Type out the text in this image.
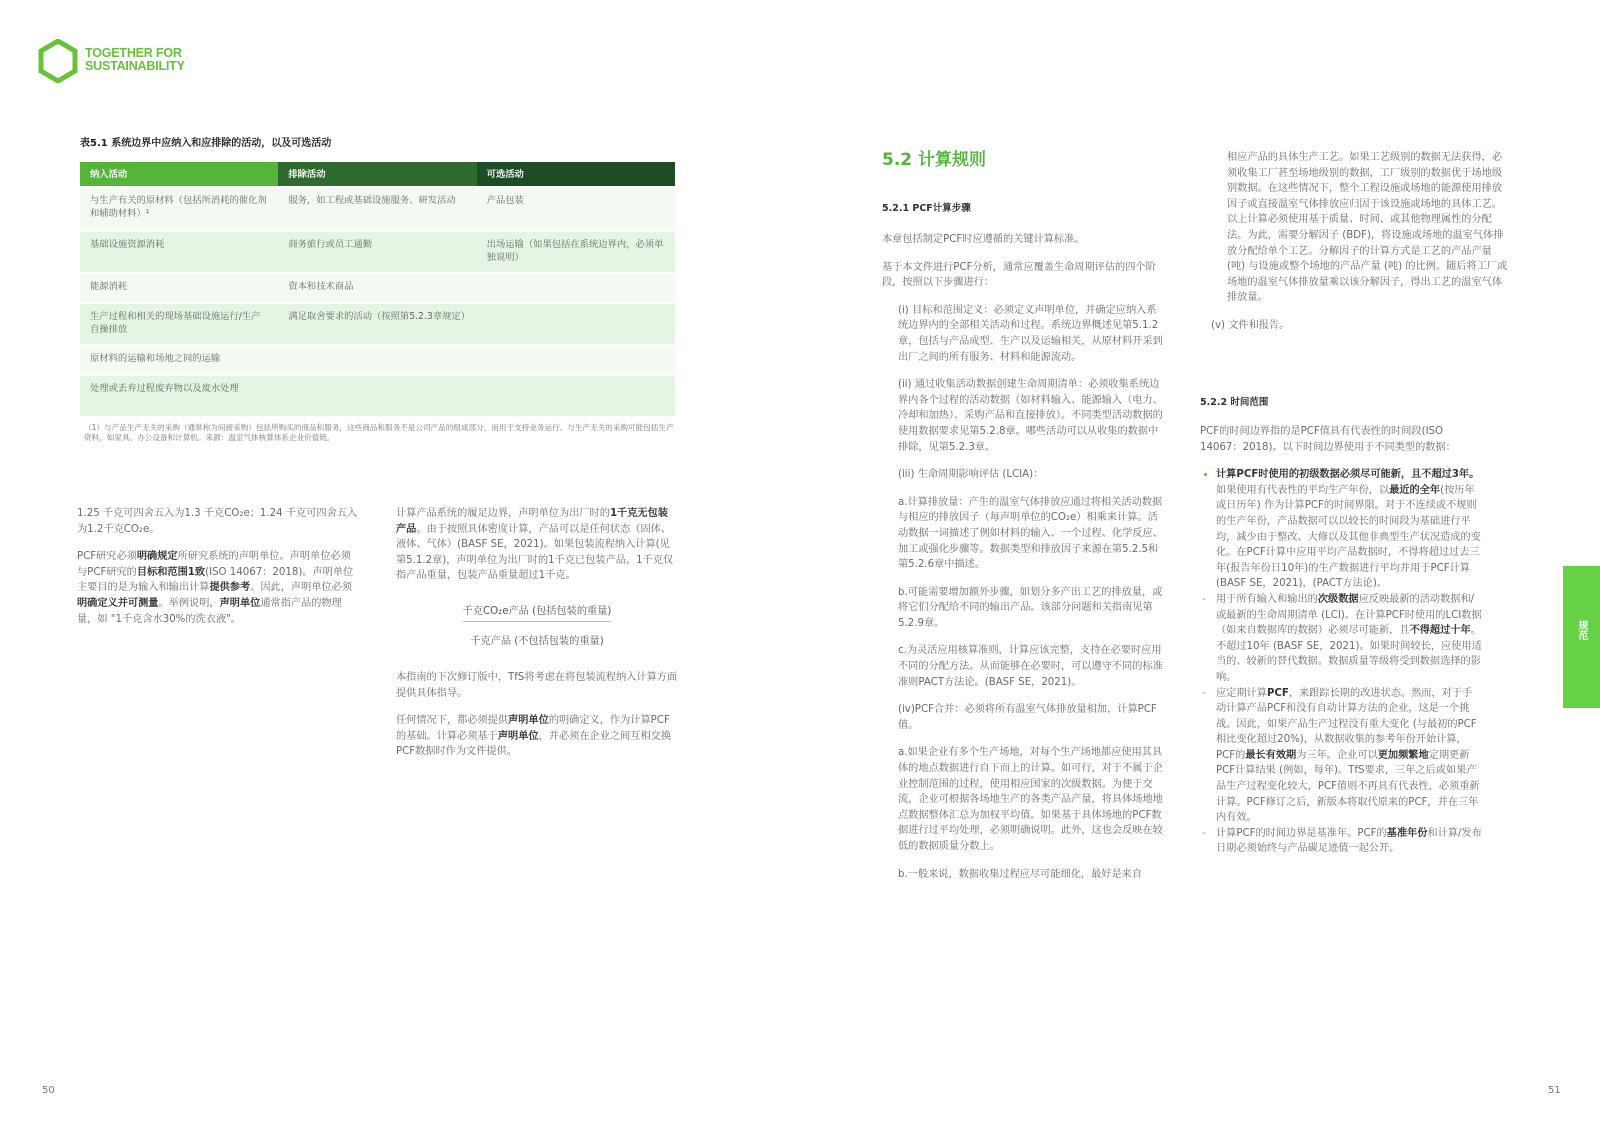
TOGETHER FOR
SUSTAINABILITY
表5.1 系统边界中应纳入和应排除的活动，以及可选活动
纳入活动	排除活动	可选活动
与生产有关的原材料（包括所消耗的催化剂和辅助材料）¹	服务，如工程或基础设施服务、研发活动	产品包装
基础设施资源消耗	商务旅行或员工通勤	出场运输（如果包括在系统边界内，必须单独说明）
能源消耗	资本和技术商品	
生产过程和相关的现场基础设施运行/生产自操排放	满足取舍要求的活动（按照第5.2.3章规定）	
原材料的运输和场地之间的运输		
处理或丢弃过程废弃物以及废水处理		
（1）与产品生产无关的采购（通常称为间接采购）包括所购买的商品和服务，这些商品和服务不是公司产品的组成部分，而用于支持业务运行。与生产无关的采购可能包括生产资料，如家具、办公设备和计算机。来源：温室气体核算体系企业价值链。

1.25 千克可四舍五入为1.3 千克CO₂e；1.24 千克可四舍五入为1.2千克CO₂e。

PCF研究必须明确规定所研究系统的声明单位。声明单位必须与PCF研究的目标和范围1致(ISO 14067：2018)。声明单位主要目的是为输入和输出计算提供参考。因此，声明单位必须明确定义并可测量。举例说明，声明单位通常指产品的物理量，如 "1千克含水30%的洗衣液"。

计算产品系统的履足边界，声明单位为出厂时的1千克无包装产品。由于按照具体密度计算，产品可以是任何状态（固体、液体、气体）(BASF SE，2021)。如果包装流程纳入计算(见第5.1.2章)，声明单位为出厂时的1千克已包装产品。1千克仅指产品重量，包装产品重量超过1千克。

千克CO₂e产品 (包括包装的重量)
千克产品 (不包括包装的重量)

本指南的下次修订版中，TfS将考虑在将包装流程纳入计算方面提供具体指导。

任何情况下，都必须提供声明单位的明确定义，作为计算PCF的基础。计算必须基于声明单位，并必须在企业之间互相交换PCF数据时作为文件提供。

5.2 计算规则
5.2.1 PCF计算步骤

本章包括制定PCF时应遵循的关键计算标准。

基于本文件进行PCF分析，通常应覆盖生命周期评估的四个阶段，按照以下步骤进行：

(i) 目标和范围定义：必须定义声明单位，并确定应纳入系统边界内的全部相关活动和过程。系统边界概述见第5.1.2章，包括与产品成型、生产以及运输相关，从原材料开采到出厂之间的所有服务、材料和能源流动。

(ii) 通过收集活动数据创建生命周期清单：必须收集系统边界内各个过程的活动数据（如材料输入、能源输入（电力、冷却和加热）、采购产品和直接排放）。不同类型活动数据的使用数据要求见第5.2.8章。哪些活动可以从收集的数据中排除，见第5.2.3章。

(iii) 生命周期影响评估 (LCIA)：

a.计算排放量：产生的温室气体排放应通过将相关活动数据与相应的排放因子（每声明单位的CO₂e）相乘来计算。活动数据一词描述了例如材料的输入、一个过程、化学反应、加工或强化步骤等。数据类型和排放因子来源在第5.2.5和第5.2.6章中描述。

b.可能需要增加额外步骤，如划分多产出工艺的排放量，或将它们分配给不同的输出产品。该部分问题和关指南见第5.2.9章。

c.为灵活应用核算准则，计算应该完整，支持在必要时应用不同的分配方法。从而能够在必要时，可以遵守不同的标准准则PACT方法论。(BASF SE，2021)。

(iv)PCF合并：必须将所有温室气体排放量相加，计算PCF值。

a.如果企业有多个生产场地，对每个生产场地都应使用其具体的地点数据进行自下而上的计算。如可行，对于不属于企业控制范围的过程，使用相应国家的次级数据。为便于交流，企业可根据各场地生产的各类产品产量，将具体场地地点数据整体汇总为加权平均值。如果基于具体场地的PCF数据进行过平均处理，必须明确说明。此外，这也会反映在较低的数据质量分数上。

b.一般来说，数据收集过程应尽可能细化，最好是来自

相应产品的具体生产工艺。如果工艺级别的数据无法获得，必须收集工厂甚至场地级别的数据，工厂级别的数据优于场地级别数据。在这些情况下，整个工程设施或场地的能源使用排放因子或直接温室气体排放应归因于该设施或场地的具体工艺。以上计算必须使用基于质量、时间、或其他物理属性的分配法。为此，需要分解因子 (BDF)，将设施或场地的温室气体排放分配给单个工艺。分解因子的计算方式是工艺的产品产量 (吨) 与设施或整个场地的产品产量 (吨) 的比例。随后将工厂或场地的温室气体排放量乘以该分解因子，得出工艺的温室气体排放量。

(v) 文件和报告。

5.2.2 时间范围

PCF的时间边界指的是PCF值具有代表性的时间段(ISO 14067：2018)。以下时间边界使用于不同类型的数据：

• 计算PCF时使用的初级数据必须尽可能新，且不超过3年。如果使用有代表性的平均生产年份，以最近的全年(按历年或日历年) 作为计算PCF的时间界限。对于不连续或不规则的生产年份，产品数据可以以较长的时间段为基础进行平均，减少由于整改、大修以及其他非典型生产状况造成的变化。在PCF计算中应用平均产品数据时，不得将超过过去三年(报告年份日10年)的生产数据进行平均并用于PCF计算 (BASF SE，2021)，(PACT方法论)。
- 用于所有输入和输出的次级数据应反映最新的活动数据和/或最新的生命周期清单 (LCI)。在计算PCF时使用的LCI数据（如来自数据库的数据）必须尽可能新，且不得超过十年。不超过10年 (BASF SE，2021)。如果时间较长，应使用适当的、较新的替代数据。数据质量等级将受到数据选择的影响。
- 应定期计算PCF，来跟踪长期的改进状态。然而，对于手动计算产品PCF和没有自动计算方法的企业，这是一个挑战。因此，如果产品生产过程没有重大变化 (与最初的PCF相比变化超过20%)，从数据收集的参考年份开始计算，PCF的最长有效期为三年。企业可以更加频繁地定期更新PCF计算结果 (例如，每年)。TfS要求，三年之后或如果产品生产过程变化较大，PCF值则不再具有代表性，必须重新计算。PCF修订之后，新版本将取代原来的PCF，并在三年内有效。
- 计算PCF的时间边界是基准年。PCF的基准年份和计算/发布日期必须始终与产品碳足迹值一起公开。
规范
50	51
